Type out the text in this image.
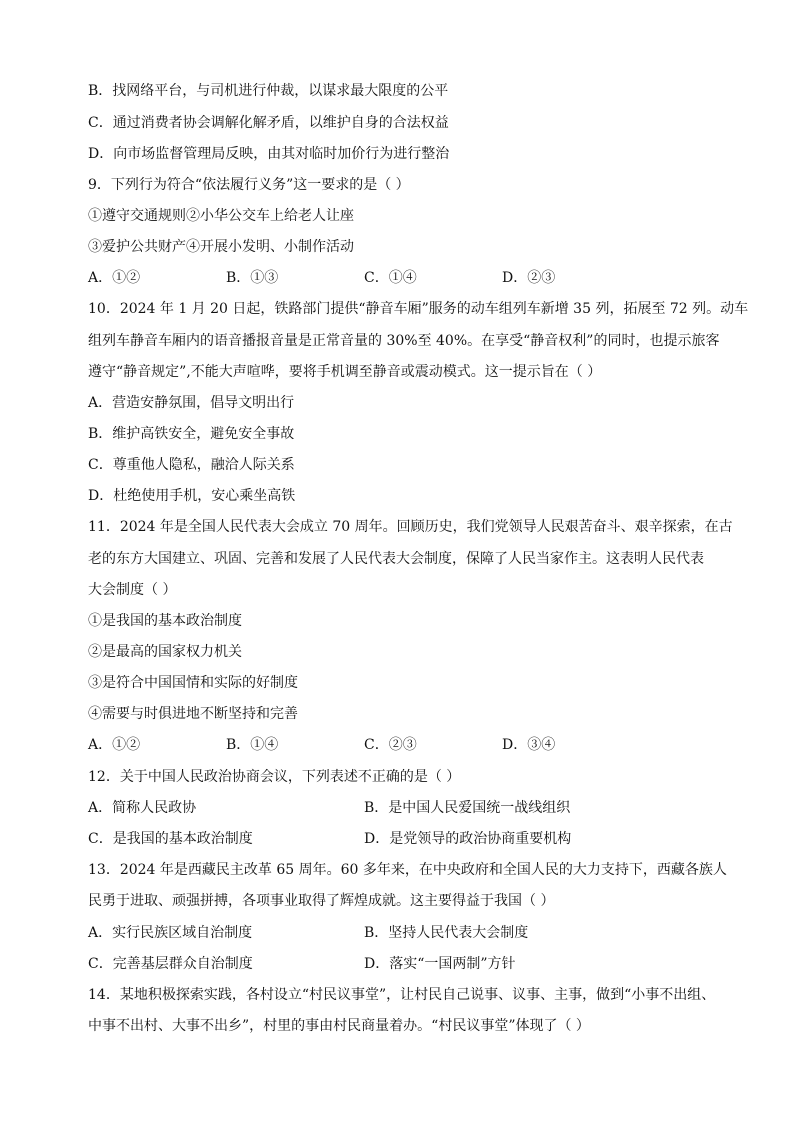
B．找网络平台，与司机进行仲裁，以谋求最大限度的公平
C．通过消费者协会调解化解矛盾，以维护自身的合法权益
D．向市场监督管理局反映，由其对临时加价行为进行整治
9．下列行为符合“依法履行义务”这一要求的是（ ）
①遵守交通规则②小华公交车上给老人让座
③爱护公共财产④开展小发明、小制作活动
A．①②	B．①③	C．①④	D．②③
10．2024 年 1 月 20 日起，铁路部门提供“静音车厢”服务的动车组列车新增 35 列，拓展至 72 列。动车
组列车静音车厢内的语音播报音量是正常音量的 30%至 40%。在享受“静音权利”的同时，也提示旅客
遵守“静音规定”,不能大声喧哗，要将手机调至静音或震动模式。这一提示旨在（ ）
A．营造安静氛围，倡导文明出行
B．维护高铁安全，避免安全事故
C．尊重他人隐私，融洽人际关系
D．杜绝使用手机，安心乘坐高铁
11．2024 年是全国人民代表大会成立 70 周年。回顾历史，我们党领导人民艰苦奋斗、艰辛探索，在古
老的东方大国建立、巩固、完善和发展了人民代表大会制度，保障了人民当家作主。这表明人民代表
大会制度（ ）
①是我国的基本政治制度
②是最高的国家权力机关
③是符合中国国情和实际的好制度
④需要与时俱进地不断坚持和完善
A．①②	B．①④	C．②③	D．③④
12．关于中国人民政治协商会议，下列表述不正确的是（ ）
A．简称人民政协	B．是中国人民爱国统一战线组织
C．是我国的基本政治制度	D．是党领导的政治协商重要机构
13．2024 年是西藏民主改革 65 周年。60 多年来，在中央政府和全国人民的大力支持下，西藏各族人
民勇于进取、顽强拼搏，各项事业取得了辉煌成就。这主要得益于我国（ ）
A．实行民族区域自治制度	B．坚持人民代表大会制度
C．完善基层群众自治制度	D．落实“一国两制”方针
14．某地积极探索实践，各村设立“村民议事堂”，让村民自己说事、议事、主事，做到“小事不出组、
中事不出村、大事不出乡”，村里的事由村民商量着办。“村民议事堂”体现了（ ）
